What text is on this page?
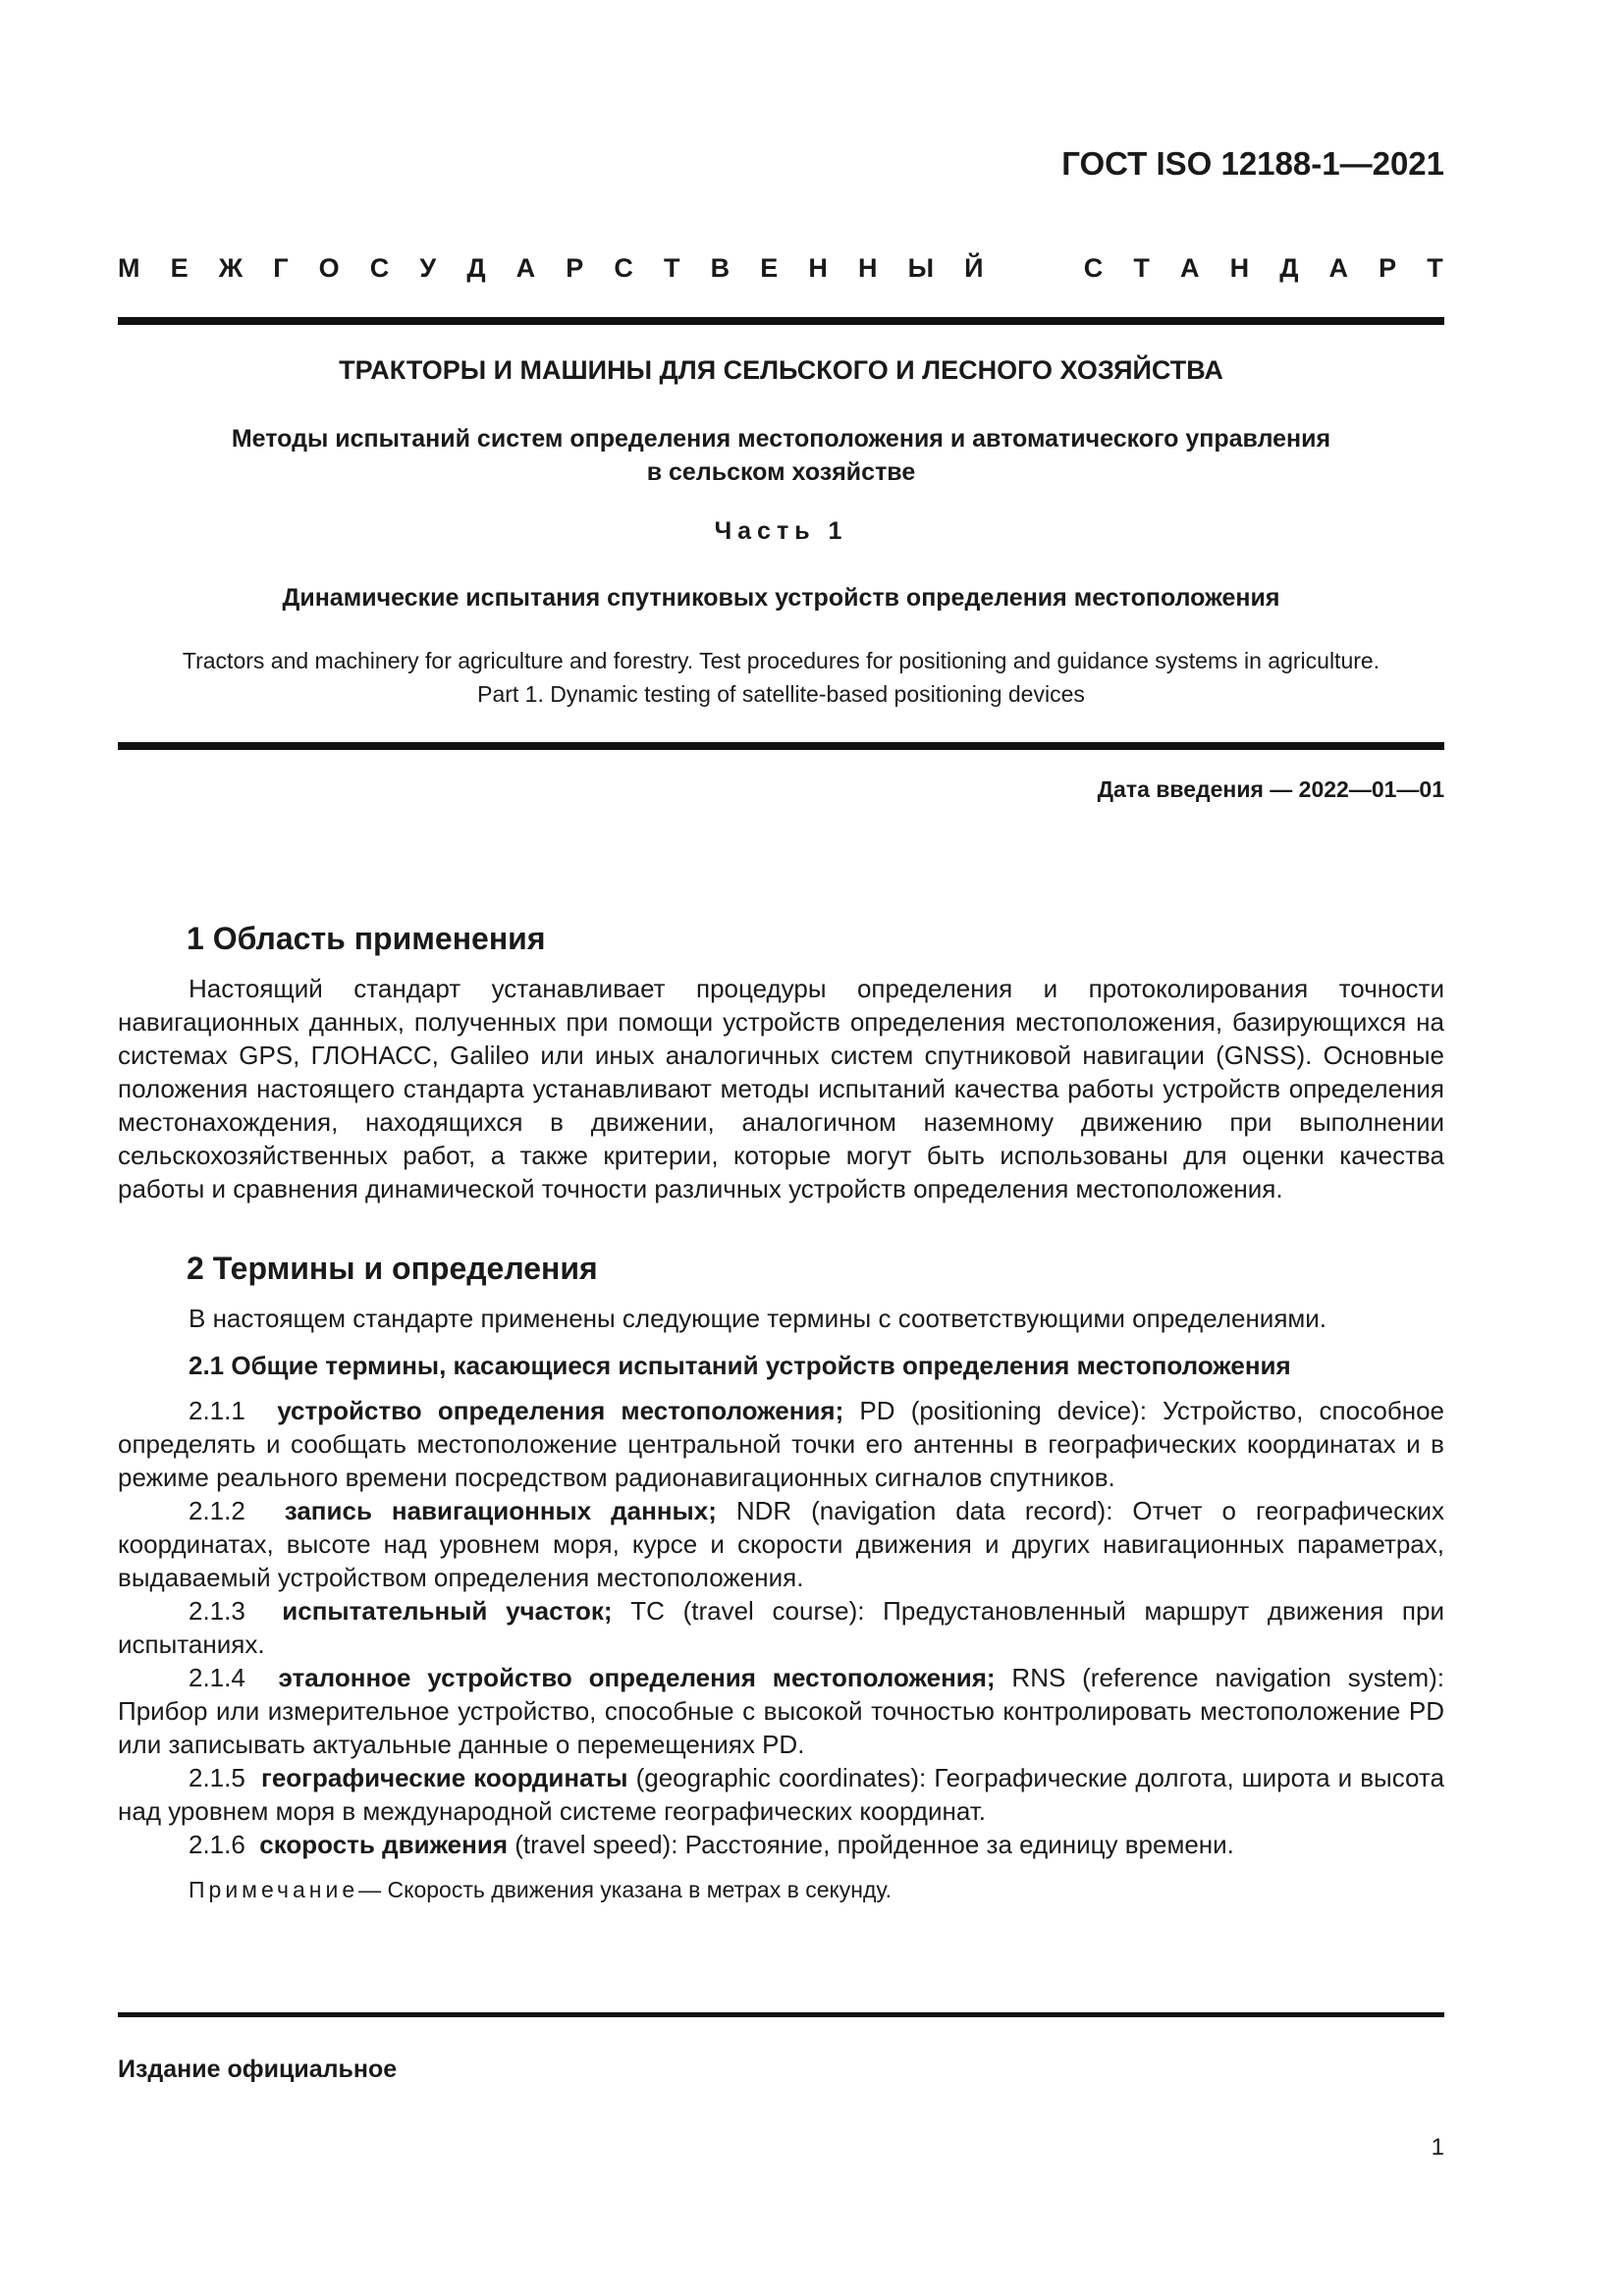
ГОСТ ISO 12188-1—2021
М Е Ж Г О С У Д А Р С Т В Е Н Н Ы Й	С Т А Н Д А Р Т
ТРАКТОРЫ И МАШИНЫ ДЛЯ СЕЛЬСКОГО И ЛЕСНОГО ХОЗЯЙСТВА
Методы испытаний систем определения местоположения и автоматического управления
в сельском хозяйстве
Часть 1
Динамические испытания спутниковых устройств определения местоположения
Tractors and machinery for agriculture and forestry. Test procedures for positioning and guidance systems in agriculture.
Part 1. Dynamic testing of satellite-based positioning devices
Дата введения — 2022—01—01
1 Область применения

Настоящий стандарт устанавливает процедуры определения и протоколирования точности навигационных данных, полученных при помощи устройств определения местоположения, базирующихся на системах GPS, ГЛОНАСС, Galileo или иных аналогичных систем спутниковой навигации (GNSS). Основные положения настоящего стандарта устанавливают методы испытаний качества работы устройств определения местонахождения, находящихся в движении, аналогичном наземному движению при выполнении сельскохозяйственных работ, а также критерии, которые могут быть использованы для оценки качества работы и сравнения динамической точности различных устройств определения местоположения.

2 Термины и определения

В настоящем стандарте применены следующие термины с соответствующими определениями.

2.1 Общие термины, касающиеся испытаний устройств определения местоположения

2.1.1 устройство определения местоположения; PD (positioning device): Устройство, способное определять и сообщать местоположение центральной точки его антенны в географических координатах и в режиме реального времени посредством радионавигационных сигналов спутников.

2.1.2 запись навигационных данных; NDR (navigation data record): Отчет о географических координатах, высоте над уровнем моря, курсе и скорости движения и других навигационных параметрах, выдаваемый устройством определения местоположения.

2.1.3 испытательный участок; TC (travel course): Предустановленный маршрут движения при испытаниях.

2.1.4 эталонное устройство определения местоположения; RNS (reference navigation system): Прибор или измерительное устройство, способные с высокой точностью контролировать местоположение PD или записывать актуальные данные о перемещениях PD.

2.1.5 географические координаты (geographic coordinates): Географические долгота, широта и высота над уровнем моря в международной системе географических координат.

2.1.6 скорость движения (travel speed): Расстояние, пройденное за единицу времени.

Примечание— Скорость движения указана в метрах в секунду.

Издание официальное
1
